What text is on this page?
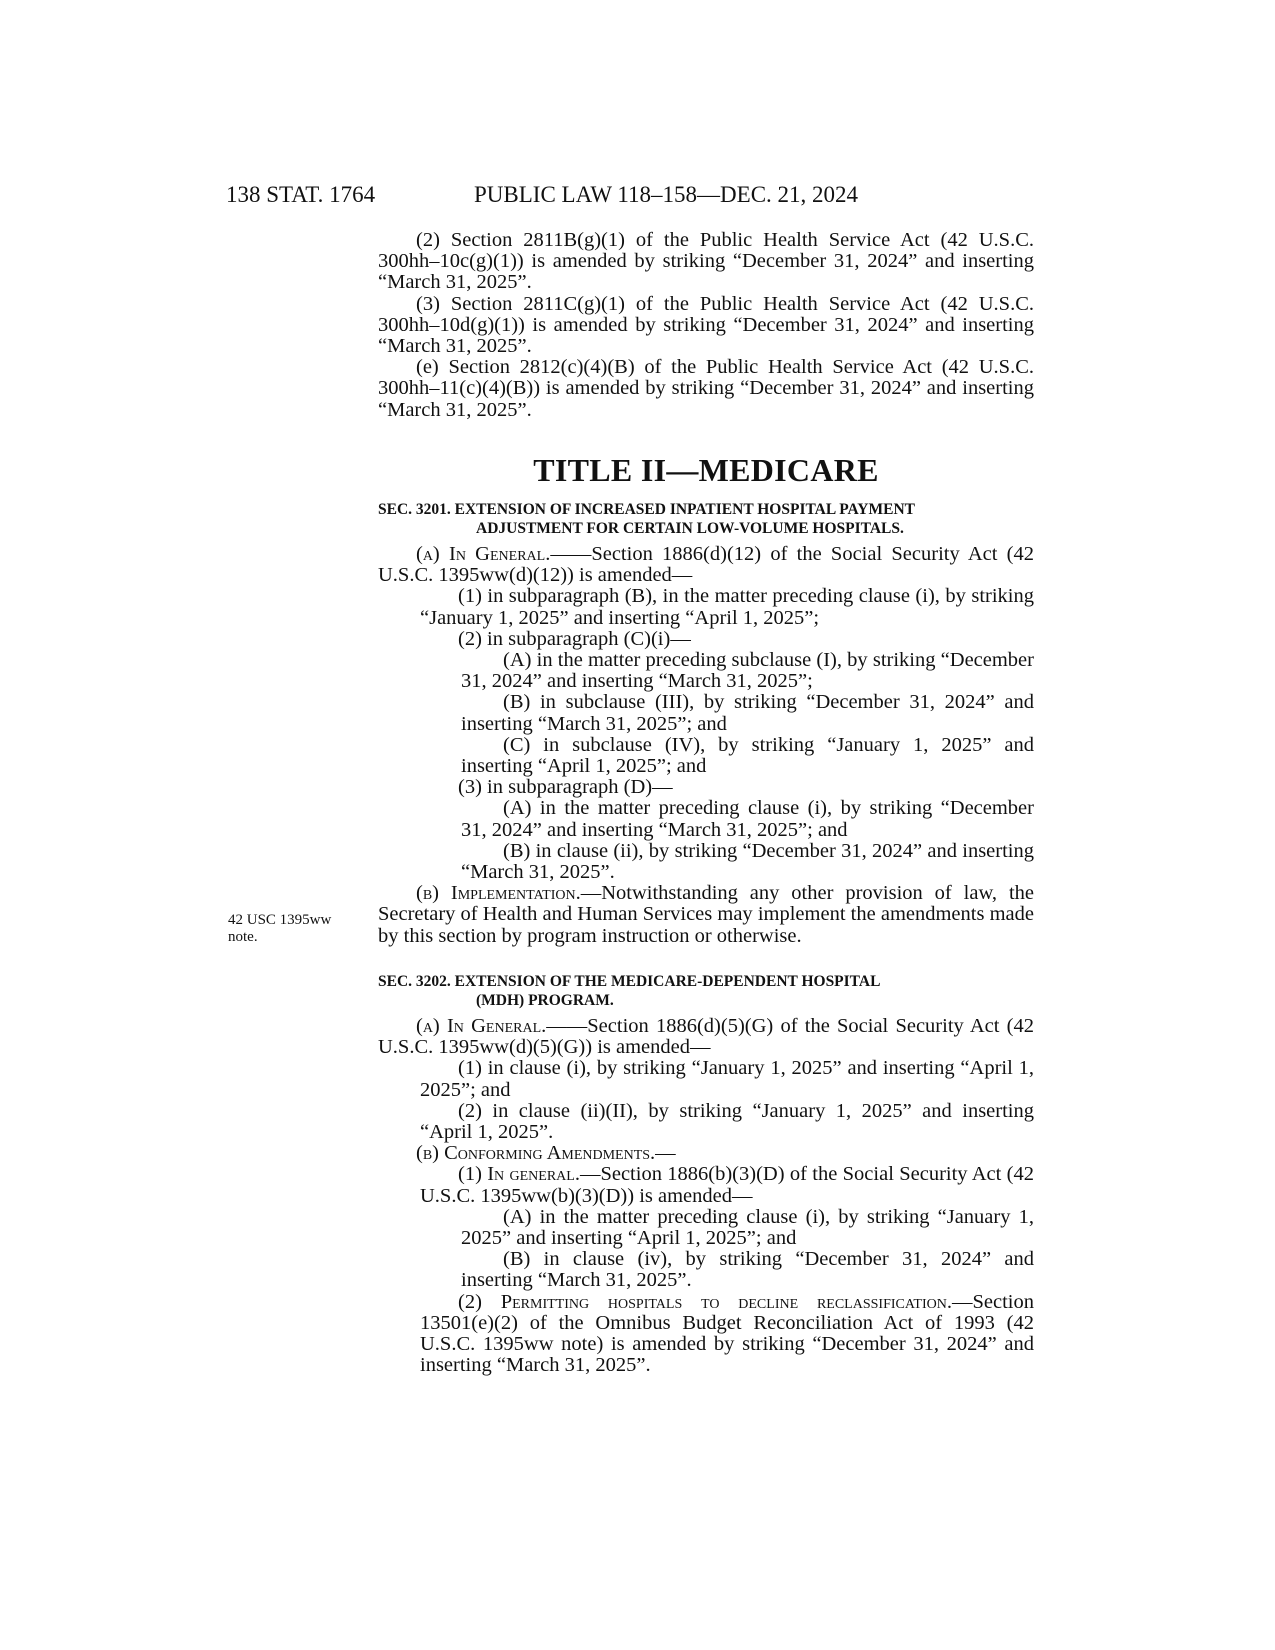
138 STAT. 1764	PUBLIC LAW 118–158—DEC. 21, 2024

(2) Section 2811B(g)(1) of the Public Health Service Act (42 U.S.C. 300hh–10c(g)(1)) is amended by striking “December 31, 2024” and inserting “March 31, 2025”.

(3) Section 2811C(g)(1) of the Public Health Service Act (42 U.S.C. 300hh–10d(g)(1)) is amended by striking “December 31, 2024” and inserting “March 31, 2025”.

(e) Section 2812(c)(4)(B) of the Public Health Service Act (42 U.S.C. 300hh–11(c)(4)(B)) is amended by striking “December 31, 2024” and inserting “March 31, 2025”.

TITLE II—MEDICARE

SEC. 3201. EXTENSION OF INCREASED INPATIENT HOSPITAL PAYMENT
ADJUSTMENT FOR CERTAIN LOW-VOLUME HOSPITALS.

(a) In General.——Section 1886(d)(12) of the Social Security Act (42 U.S.C. 1395ww(d)(12)) is amended—

(1) in subparagraph (B), in the matter preceding clause (i), by striking “January 1, 2025” and inserting “April 1, 2025”;

(2) in subparagraph (C)(i)—

(A) in the matter preceding subclause (I), by striking “December 31, 2024” and inserting “March 31, 2025”;

(B) in subclause (III), by striking “December 31, 2024” and inserting “March 31, 2025”; and

(C) in subclause (IV), by striking “January 1, 2025” and inserting “April 1, 2025”; and

(3) in subparagraph (D)—

(A) in the matter preceding clause (i), by striking “December 31, 2024” and inserting “March 31, 2025”; and

(B) in clause (ii), by striking “December 31, 2024” and inserting “March 31, 2025”.

(b) Implementation.—Notwithstanding any other provision of law, the Secretary of Health and Human Services may implement the amendments made by this section by program instruction or otherwise.

42 USC 1395ww
note.

SEC. 3202. EXTENSION OF THE MEDICARE-DEPENDENT HOSPITAL
(MDH) PROGRAM.

(a) In General.——Section 1886(d)(5)(G) of the Social Security Act (42 U.S.C. 1395ww(d)(5)(G)) is amended—

(1) in clause (i), by striking “January 1, 2025” and inserting “April 1, 2025”; and

(2) in clause (ii)(II), by striking “January 1, 2025” and inserting “April 1, 2025”.

(b) Conforming Amendments.—

(1) In general.—Section 1886(b)(3)(D) of the Social Security Act (42 U.S.C. 1395ww(b)(3)(D)) is amended—

(A) in the matter preceding clause (i), by striking “January 1, 2025” and inserting “April 1, 2025”; and

(B) in clause (iv), by striking “December 31, 2024” and inserting “March 31, 2025”.

(2) Permitting hospitals to decline reclassification.—Section 13501(e)(2) of the Omnibus Budget Reconciliation Act of 1993 (42 U.S.C. 1395ww note) is amended by striking “December 31, 2024” and inserting “March 31, 2025”.
